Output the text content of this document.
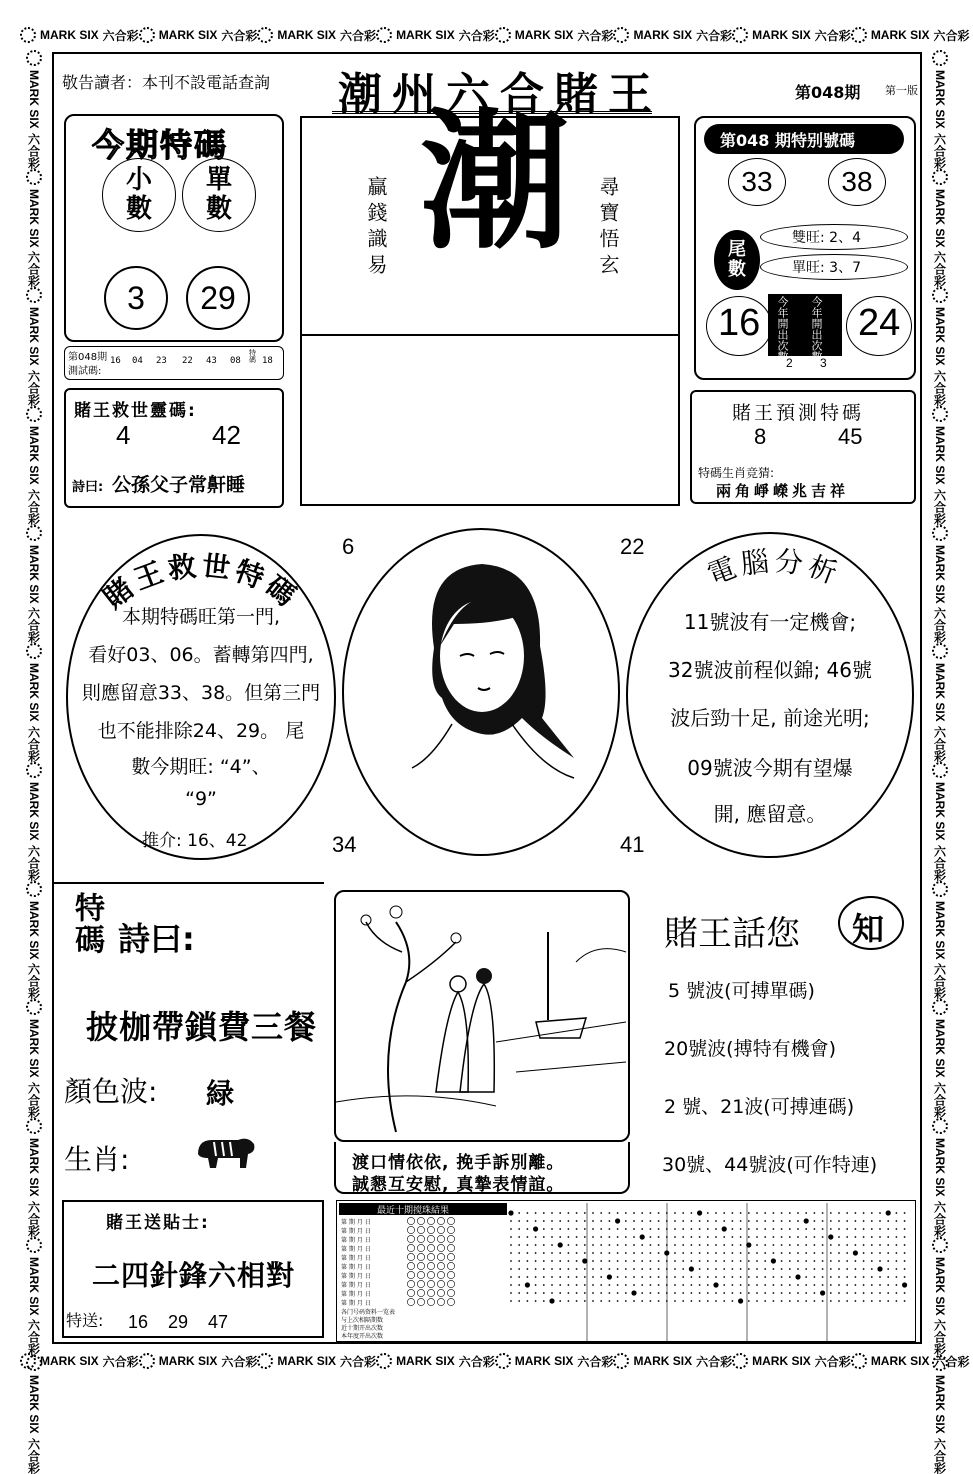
MARK SIX 六合彩 MARK SIX 六合彩 MARK SIX 六合彩 MARK SIX 六合彩 MARK SIX 六合彩 MARK SIX 六合彩 MARK SIX 六合彩 MARK SIX 六合彩
MARK SIX 六合彩 MARK SIX 六合彩 MARK SIX 六合彩 MARK SIX 六合彩 MARK SIX 六合彩 MARK SIX 六合彩 MARK SIX 六合彩 MARK SIX 六合彩
MARK SIX
六合彩
MARK SIX
六合彩
MARK SIX
六合彩
MARK SIX
六合彩
MARK SIX
六合彩
MARK SIX
六合彩
MARK SIX
六合彩
MARK SIX
六合彩
MARK SIX
六合彩
MARK SIX
六合彩
MARK SIX
六合彩
MARK SIX
六合彩
MARK SIX
六合彩
MARK SIX
六合彩
MARK SIX
六合彩
MARK SIX
六合彩
MARK SIX
六合彩
MARK SIX
六合彩
MARK SIX
六合彩
MARK SIX
六合彩
MARK SIX
六合彩
MARK SIX
六合彩
MARK SIX
六合彩
MARK SIX
六合彩
敬告讀者：本刊不設電話查詢 潮州六合賭王	第048期 第一版
今期特碼
小數
單數
3	29
第048期
測試碼:
16 04 23 22 43 08
特碼 18
潮
贏錢識易	尋寶悟玄
第048 期特别號碼
33	38
尾數
雙旺: 2、4
單旺: 3、7
16	24
今年開出次數 今年開出次數
2 3
賭王救世靈碼:
4	42
詩曰: 公孫父子常鼾睡
賭王預測特碼
8	45
特碼生肖竞猜:
兩角崢嶸兆吉祥
賭王救世特碼
本期特碼旺第一門,
看好03、06。蓄轉第四門,
則應留意33、38。但第三門
也不能排除24、29。 尾
數今期旺: “4”、
“9”
推介: 16、42
6	22
34	41
電腦分析
11號波有一定機會;
32號波前程似錦; 46號
波后勁十足, 前途光明;
09號波今期有望爆
開, 應留意。
特碼 詩曰:
披枷帶鎖費三餐
顏色波: 緑
生肖:	渡口情依依, 挽手訴別離。
誠懇互安慰, 真摯表情誼。
賭王話您 知
5 號波(可搏單碼)
20號波(搏特有機會)
2 號、21波(可搏連碼)
30號、44號波(可作特連)
賭王送貼士:
二四針鋒六相對
特送: 16 29 47
最近十期搅珠結果
第 期 月 日
第 期 月 日
第 期 月 日
第 期 月 日
第 期 月 日
第 期 月 日
第 期 月 日
第 期 月 日
第 期 月 日
第 期 月 日
各门号码资料一览表
与上次相隔期数
近十期开出次数
本年度开出次数
